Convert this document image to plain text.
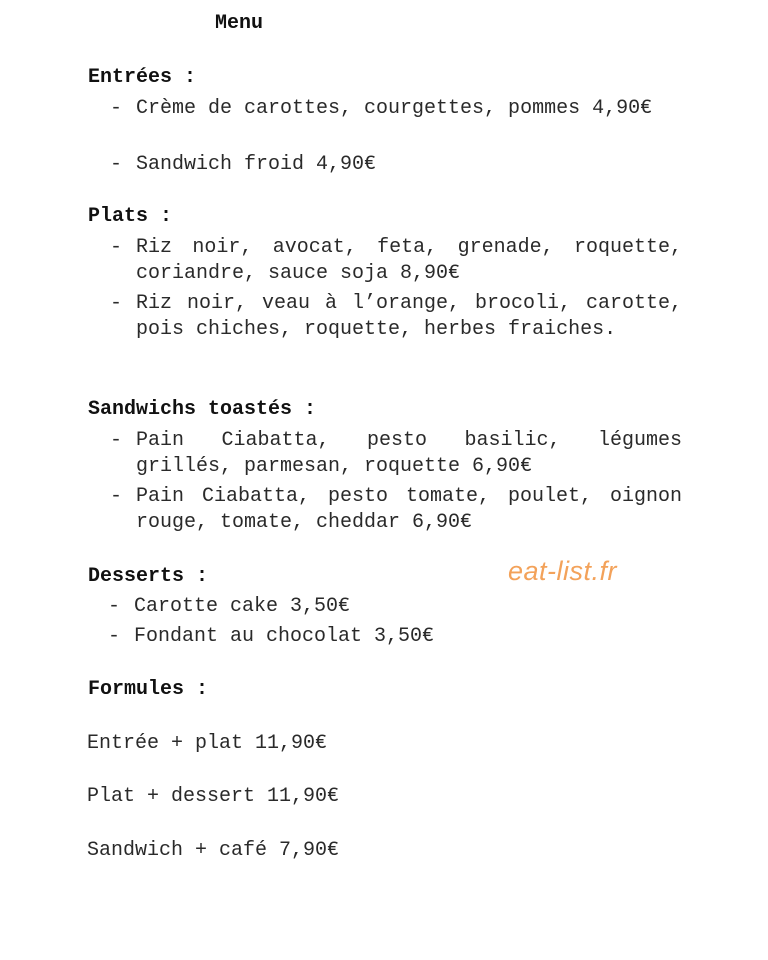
Menu
Entrées :
- Crème de carottes, courgettes, pommes 4,90€
- Sandwich froid 4,90€
Plats :
- Riz noir, avocat, feta, grenade, roquette, coriandre, sauce soja 8,90€
- Riz noir, veau à l’orange, brocoli, carotte, pois chiches, roquette, herbes fraiches.
Sandwichs toastés :
- Pain Ciabatta, pesto basilic, légumes grillés, parmesan, roquette 6,90€
- Pain Ciabatta, pesto tomate, poulet, oignon rouge, tomate, cheddar 6,90€
Desserts :
- Carotte cake 3,50€
- Fondant au chocolat 3,50€
eat-list.fr
Formules :
Entrée + plat 11,90€
Plat + dessert 11,90€
Sandwich + café 7,90€
